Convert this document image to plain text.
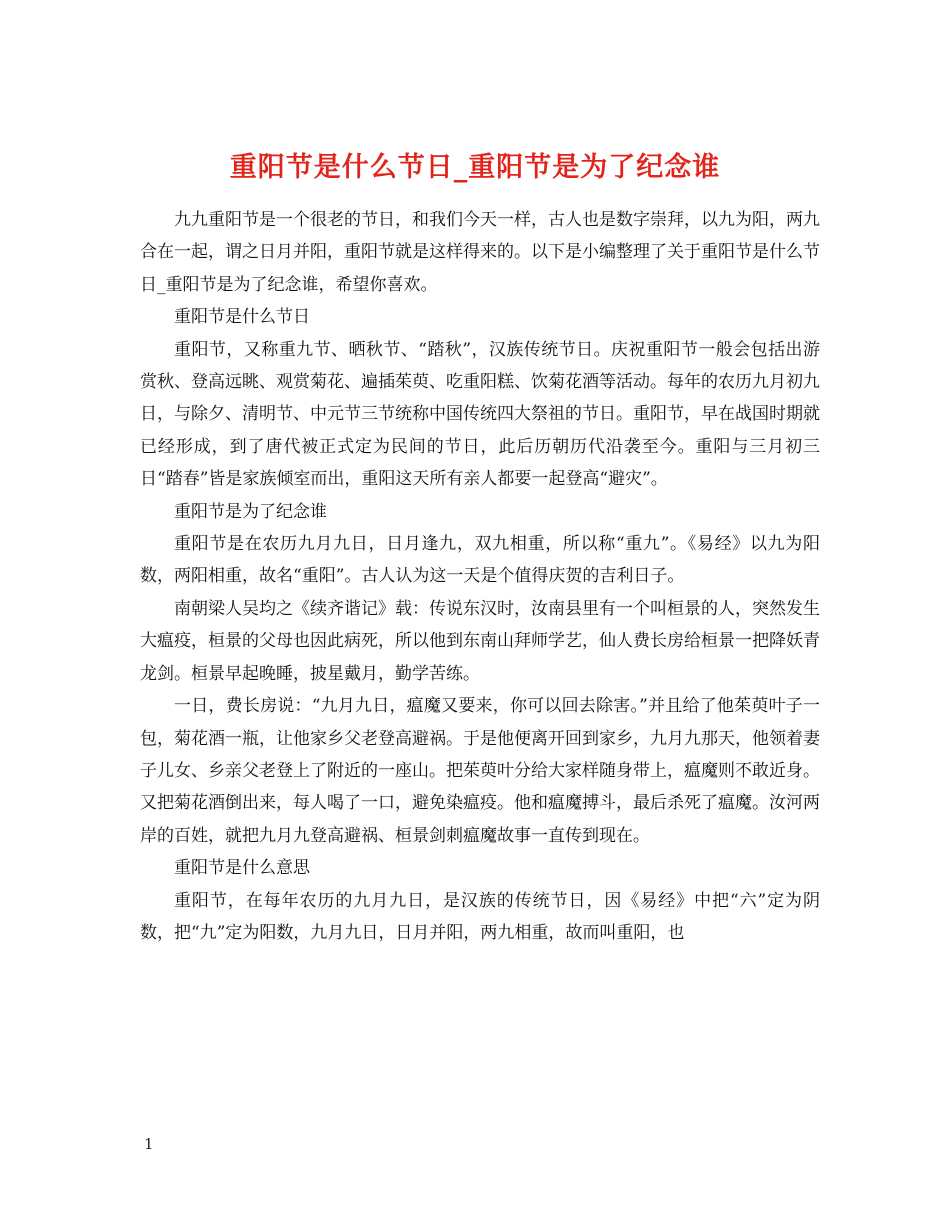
重阳节是什么节日_重阳节是为了纪念谁

九九重阳节是一个很老的节日，和我们今天一样，古人也是数字崇拜，以九为阳，两九合在一起，谓之日月并阳，重阳节就是这样得来的。以下是小编整理了关于重阳节是什么节日_重阳节是为了纪念谁，希望你喜欢。

重阳节是什么节日

重阳节，又称重九节、晒秋节、“踏秋”，汉族传统节日。庆祝重阳节一般会包括出游赏秋、登高远眺、观赏菊花、遍插茱萸、吃重阳糕、饮菊花酒等活动。每年的农历九月初九日，与除夕、清明节、中元节三节统称中国传统四大祭祖的节日。重阳节，早在战国时期就已经形成，到了唐代被正式定为民间的节日，此后历朝历代沿袭至今。重阳与三月初三日“踏春”皆是家族倾室而出，重阳这天所有亲人都要一起登高“避灾”。

重阳节是为了纪念谁

重阳节是在农历九月九日，日月逢九，双九相重，所以称“重九”。《易经》以九为阳数，两阳相重，故名“重阳”。古人认为这一天是个值得庆贺的吉利日子。

南朝梁人吴均之《续齐谐记》载：传说东汉时，汝南县里有一个叫桓景的人，突然发生大瘟疫，桓景的父母也因此病死，所以他到东南山拜师学艺，仙人费长房给桓景一把降妖青龙剑。桓景早起晚睡，披星戴月，勤学苦练。

一日，费长房说：“九月九日，瘟魔又要来，你可以回去除害。”并且给了他茱萸叶子一包，菊花酒一瓶，让他家乡父老登高避祸。于是他便离开回到家乡，九月九那天，他领着妻子儿女、乡亲父老登上了附近的一座山。把茱萸叶分给大家样随身带上，瘟魔则不敢近身。又把菊花酒倒出来，每人喝了一口，避免染瘟疫。他和瘟魔搏斗，最后杀死了瘟魔。汝河两岸的百姓，就把九月九登高避祸、桓景剑刺瘟魔故事一直传到现在。

重阳节是什么意思

重阳节，在每年农历的九月九日，是汉族的传统节日，因《易经》中把“六”定为阴数，把“九”定为阳数，九月九日，日月并阳，两九相重，故而叫重阳，也

1
